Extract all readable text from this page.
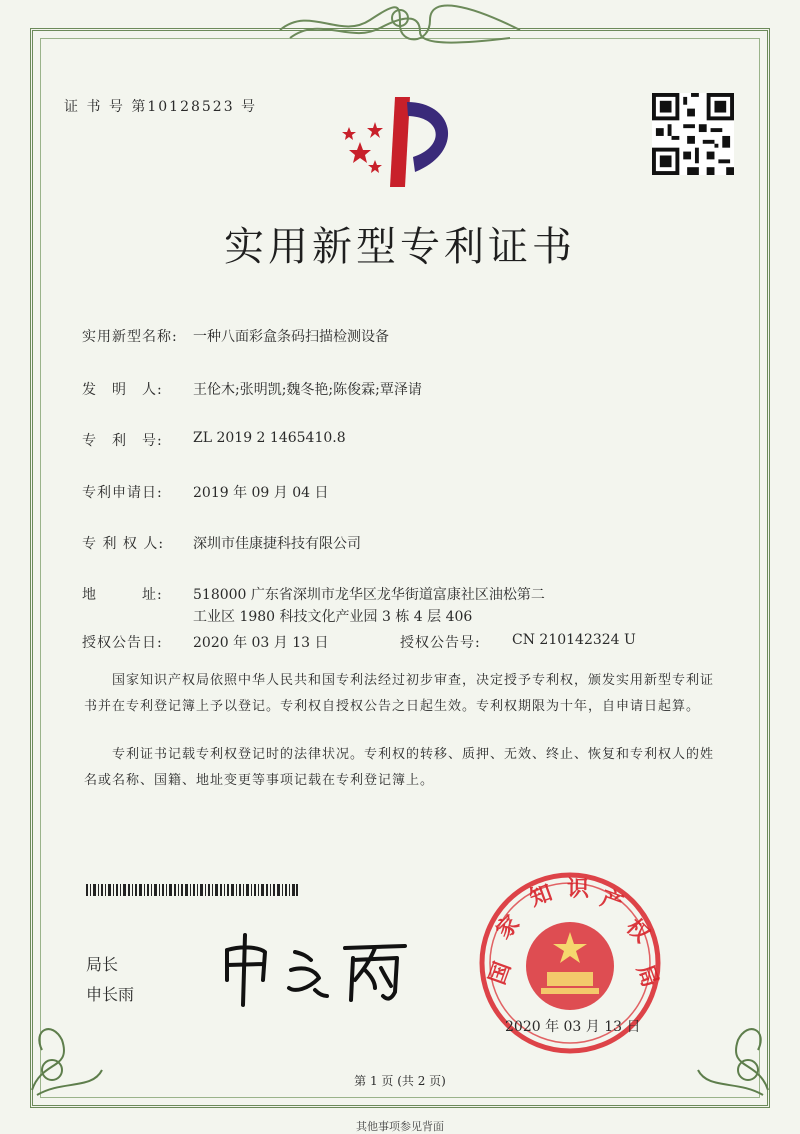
证 书 号 第10128523 号
实用新型专利证书
实用新型名称: 一种八面彩盒条码扫描检测设备
发　明　人: 王伦木;张明凯;魏冬艳;陈俊霖;覃泽请
专　利　号: ZL 2019 2 1465410.8
专利申请日: 2019 年 09 月 04 日
专 利 权 人: 深圳市佳康捷科技有限公司
地　　　址: 518000 广东省深圳市龙华区龙华街道富康社区油松第二
工业区 1980 科技文化产业园 3 栋 4 层 406
授权公告日: 2020 年 03 月 13 日	授权公告号: CN 210142324 U
国家知识产权局依照中华人民共和国专利法经过初步审查，决定授予专利权，颁发实用新型专利证书并在专利登记簿上予以登记。专利权自授权公告之日起生效。专利权期限为十年，自申请日起算。
专利证书记载专利权登记时的法律状况。专利权的转移、质押、无效、终止、恢复和专利权人的姓名或名称、国籍、地址变更等事项记载在专利登记簿上。
局长
申长雨
国
家
知 识 产
权
局
2020 年 03 月 13 日
第 1 页 (共 2 页)
其他事项参见背面
